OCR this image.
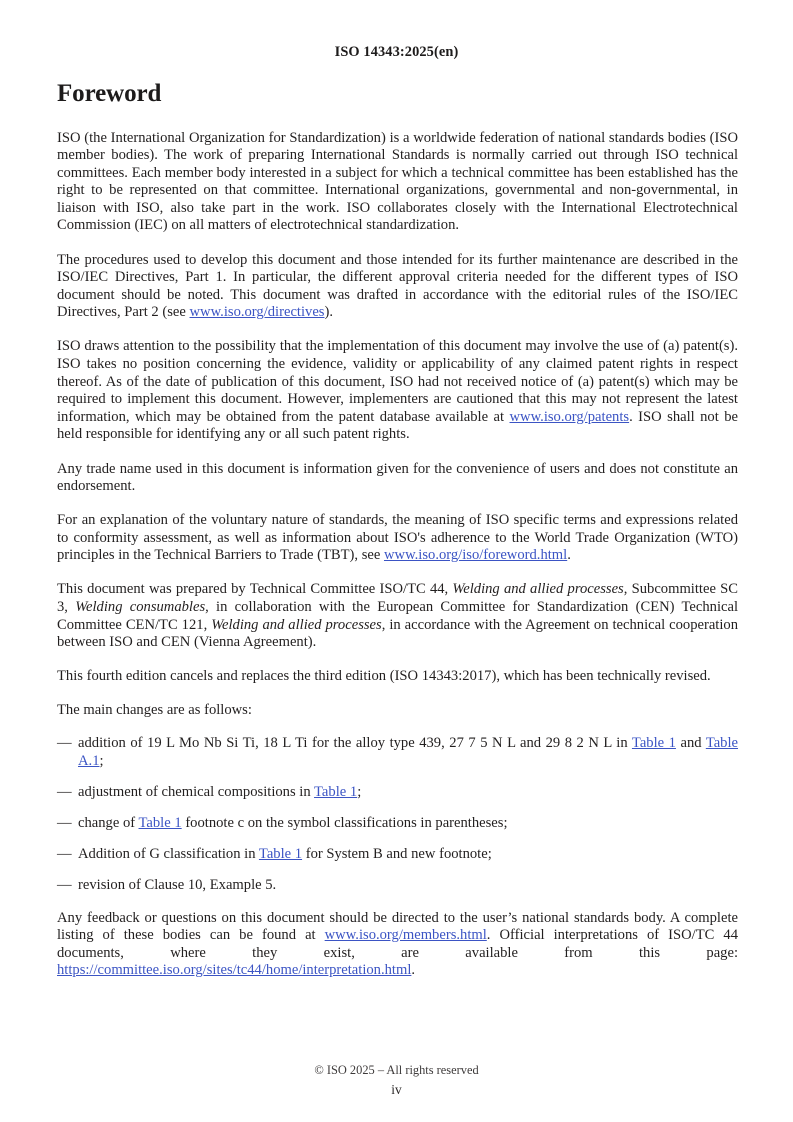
ISO 14343:2025(en)
Foreword

ISO (the International Organization for Standardization) is a worldwide federation of national standards bodies (ISO member bodies). The work of preparing International Standards is normally carried out through ISO technical committees. Each member body interested in a subject for which a technical committee has been established has the right to be represented on that committee. International organizations, governmental and non-governmental, in liaison with ISO, also take part in the work. ISO collaborates closely with the International Electrotechnical Commission (IEC) on all matters of electrotechnical standardization.

The procedures used to develop this document and those intended for its further maintenance are described in the ISO/IEC Directives, Part 1. In particular, the different approval criteria needed for the different types of ISO document should be noted. This document was drafted in accordance with the editorial rules of the ISO/IEC Directives, Part 2 (see www.iso.org/directives).

ISO draws attention to the possibility that the implementation of this document may involve the use of (a) patent(s). ISO takes no position concerning the evidence, validity or applicability of any claimed patent rights in respect thereof. As of the date of publication of this document, ISO had not received notice of (a) patent(s) which may be required to implement this document. However, implementers are cautioned that this may not represent the latest information, which may be obtained from the patent database available at www.iso.org/patents. ISO shall not be held responsible for identifying any or all such patent rights.

Any trade name used in this document is information given for the convenience of users and does not constitute an endorsement.

For an explanation of the voluntary nature of standards, the meaning of ISO specific terms and expressions related to conformity assessment, as well as information about ISO's adherence to the World Trade Organization (WTO) principles in the Technical Barriers to Trade (TBT), see www.iso.org/iso/foreword.html.

This document was prepared by Technical Committee ISO/TC 44, Welding and allied processes, Subcommittee SC 3, Welding consumables, in collaboration with the European Committee for Standardization (CEN) Technical Committee CEN/TC 121, Welding and allied processes, in accordance with the Agreement on technical cooperation between ISO and CEN (Vienna Agreement).

This fourth edition cancels and replaces the third edition (ISO 14343:2017), which has been technically revised.

The main changes are as follows:

— addition of 19 L Mo Nb Si Ti, 18 L Ti for the alloy type 439, 27 7 5 N L and 29 8 2 N L in Table 1 and Table A.1;
— adjustment of chemical compositions in Table 1;
— change of Table 1 footnote c on the symbol classifications in parentheses;
— Addition of G classification in Table 1 for System B and new footnote;
— revision of Clause 10, Example 5.

Any feedback or questions on this document should be directed to the user’s national standards body. A complete listing of these bodies can be found at www.iso.org/members.html. Official interpretations of ISO/TC 44 documents, where they exist, are available from this page: https://committee.iso.org/sites/tc44/home/interpretation.html.

© ISO 2025 – All rights reserved
iv
